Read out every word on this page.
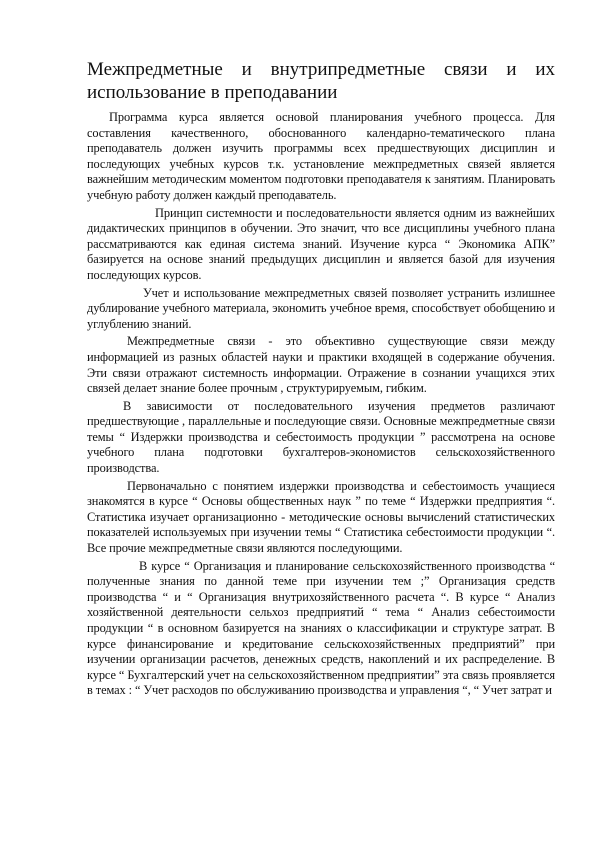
Межпредметные и внутрипредметные связи и их использование в преподавании

Программа курса является основой планирования учебного процесса. Для составления качественного, обоснованного календарно-тематического плана преподаватель должен изучить программы всех предшествующих дисциплин и последующих учебных курсов т.к. установление межпредметных связей является важнейшим методическим моментом подготовки преподавателя к занятиям. Планировать учебную работу должен каждый преподаватель.

Принцип системности и последовательности является одним из важнейших дидактических принципов в обучении. Это значит, что все дисциплины учебного плана рассматриваются как единая система знаний. Изучение курса “ Экономика АПК” базируется на основе знаний предыдущих дисциплин и является базой для изучения последующих курсов.

Учет и использование межпредметных связей позволяет устранить излишнее дублирование учебного материала, экономить учебное время, способствует обобщению и углублению знаний.

Межпредметные связи - это объективно существующие связи между информацией из разных областей науки и практики входящей в содержание обучения. Эти связи отражают системность информации. Отражение в сознании учащихся этих связей делает знание более прочным , структурируемым, гибким.

В зависимости от последовательного изучения предметов различают предшествующие , параллельные и последующие связи. Основные межпредметные связи темы “ Издержки производства и себестоимость продукции ” рассмотрена на основе учебного плана подготовки бухгалтеров-экономистов сельскохозяйственного производства.

Первоначально с понятием издержки производства и себестоимость учащиеся знакомятся в курсе “ Основы общественных наук ” по теме “ Издержки предприятия “. Статистика изучает организационно - методические основы вычислений статистических показателей используемых при изучении темы “ Статистика себестоимости продукции “. Все прочие межпредметные связи являются последующими.

В курсе “ Организация и планирование сельскохозяйственного производства “ полученные знания по данной теме при изучении тем ;” Организация средств производства “ и “ Организация внутрихозяйственного расчета “. В курсе “ Анализ хозяйственной деятельности сельхоз предприятий “ тема “ Анализ себестоимости продукции “ в основном базируется на знаниях о классификации и структуре затрат. В курсе финансирование и кредитование сельскохозяйственных предприятий” при изучении организации расчетов, денежных средств, накоплений и их распределение. В курсе “ Бухгалтерский учет на сельскохозяйственном предприятии” эта связь проявляется в темах : “ Учет расходов по обслуживанию производства и управления “, “ Учет затрат и
